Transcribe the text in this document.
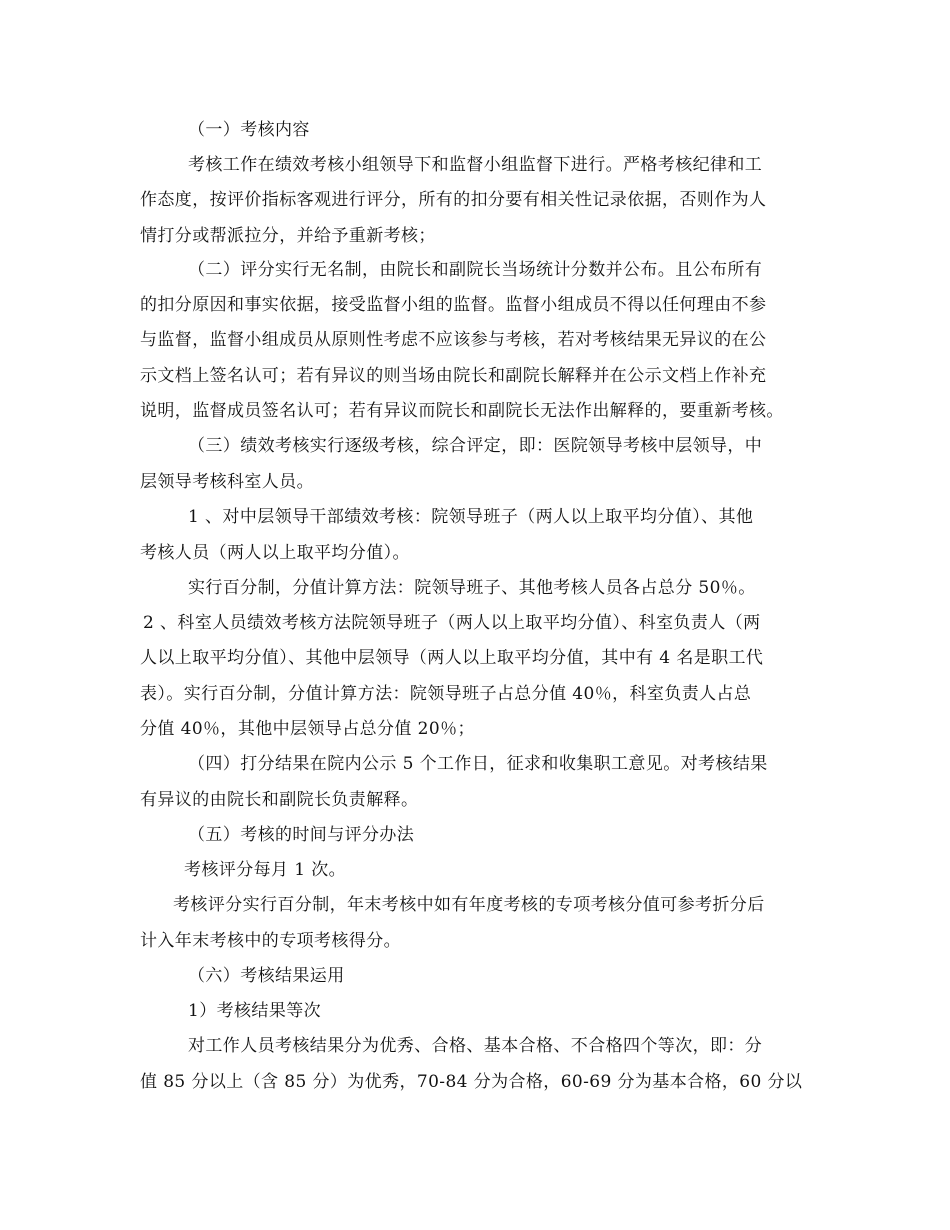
（一）考核内容
考核工作在绩效考核小组领导下和监督小组监督下进行。严格考核纪律和工
作态度，按评价指标客观进行评分，所有的扣分要有相关性记录依据，否则作为人
情打分或帮派拉分，并给予重新考核；
（二）评分实行无名制，由院长和副院长当场统计分数并公布。且公布所有
的扣分原因和事实依据，接受监督小组的监督。监督小组成员不得以任何理由不参
与监督，监督小组成员从原则性考虑不应该参与考核，若对考核结果无异议的在公
示文档上签名认可；若有异议的则当场由院长和副院长解释并在公示文档上作补充
说明，监督成员签名认可；若有异议而院长和副院长无法作出解释的，要重新考核。
（三）绩效考核实行逐级考核，综合评定，即：医院领导考核中层领导，中
层领导考核科室人员。
1 、对中层领导干部绩效考核：院领导班子（两人以上取平均分值）、其他
考核人员（两人以上取平均分值）。
实行百分制，分值计算方法：院领导班子、其他考核人员各占总分 50％。
2 、科室人员绩效考核方法院领导班子（两人以上取平均分值）、科室负责人（两
人以上取平均分值）、其他中层领导（两人以上取平均分值，其中有 4 名是职工代
表）。实行百分制，分值计算方法：院领导班子占总分值 40％，科室负责人占总
分值 40％，其他中层领导占总分值 20％；
（四）打分结果在院内公示 5 个工作日，征求和收集职工意见。对考核结果
有异议的由院长和副院长负责解释。
（五）考核的时间与评分办法
考核评分每月 1 次。
考核评分实行百分制，年末考核中如有年度考核的专项考核分值可参考折分后
计入年末考核中的专项考核得分。
（六）考核结果运用
1）考核结果等次
对工作人员考核结果分为优秀、合格、基本合格、不合格四个等次，即：分
值 85 分以上（含 85 分）为优秀，70-84 分为合格，60-69 分为基本合格，60 分以
